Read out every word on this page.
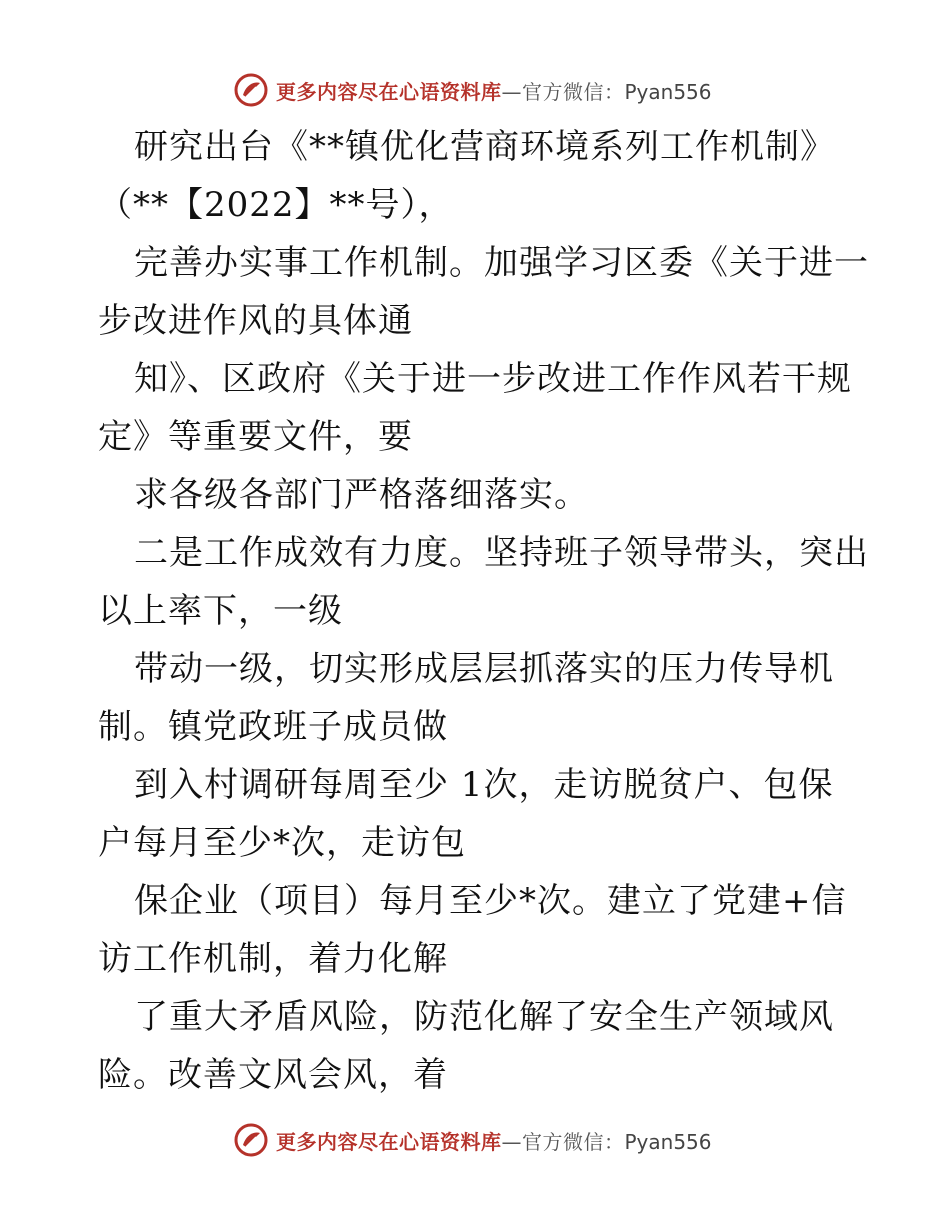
更多内容尽在心语资料库—官方微信：Pyan556
研究出台《**镇优化营商环境系列工作机制》
（**【2022】**号），
完善办实事工作机制。加强学习区委《关于进一
步改进作风的具体通
知》、区政府《关于进一步改进工作作风若干规
定》等重要文件，要
求各级各部门严格落细落实。
二是工作成效有力度。坚持班子领导带头，突出
以上率下，一级
带动一级，切实形成层层抓落实的压力传导机
制。镇党政班子成员做
到入村调研每周至少 1次，走访脱贫户、包保
户每月至少*次，走访包
保企业（项目）每月至少*次。建立了党建+信
访工作机制，着力化解
了重大矛盾风险，防范化解了安全生产领域风
险。改善文风会风，着
更多内容尽在心语资料库—官方微信：Pyan556
